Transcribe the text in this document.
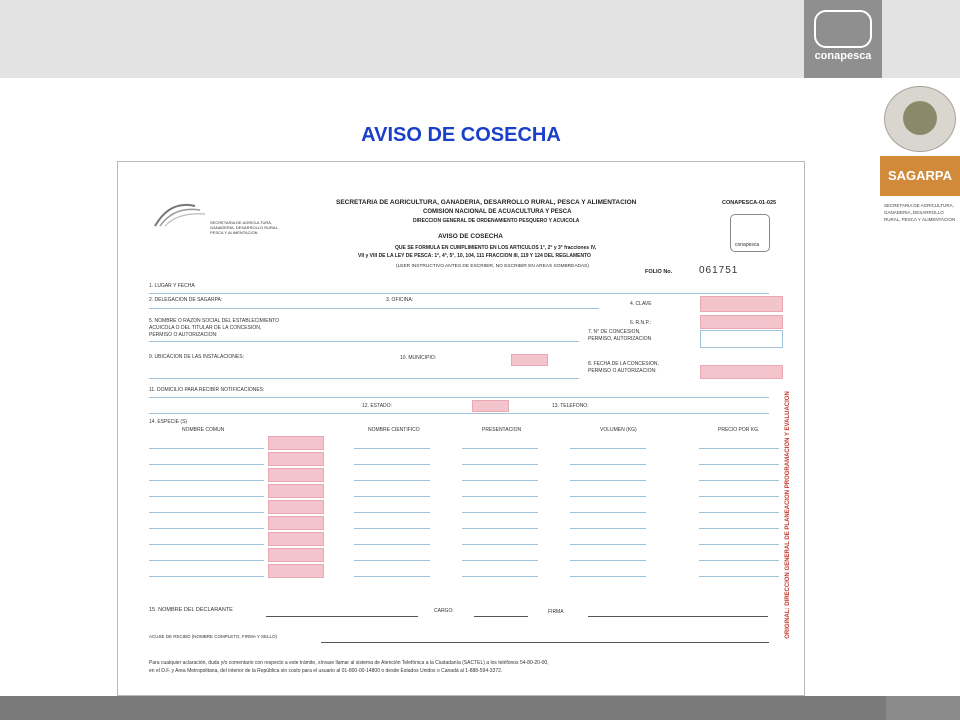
conapesca
AVISO DE COSECHA
SAGARPA
SECRETARIA DE AGRICULTURA, GANADERIA, DESARROLLO RURAL, PESCA Y ALIMENTACION
SECRETARIA DE AGRICULTURA, GANADERIA, DESARROLLO RURAL, PESCA Y ALIMENTACION
SECRETARIA DE AGRICULTURA, GANADERIA, DESARROLLO RURAL, PESCA Y ALIMENTACION
COMISION NACIONAL DE ACUACULTURA Y PESCA
DIRECCION GENERAL DE ORDENAMIENTO PESQUERO Y ACUICOLA
CONAPESCA-01-025
conapesca
AVISO DE COSECHA
QUE SE FORMULA EN CUMPLIMIENTO EN LOS ARTICULOS 1°, 2° y 3° fracciones IV,
VII y VIII DE LA LEY DE PESCA: 1°, 4°, 5°, 10, 104, 111 FRACCION III, 119 Y 124 DEL REGLAMENTO
(LEER INSTRUCTIVO ANTES DE ESCRIBIR, NO ESCRIBIR EN AREAS SOMBREADAS)
FOLIO No.	061751
1. LUGAR Y FECHA
2. DELEGACION DE SAGARPA:	3. OFICINA:
4. CLAVE
5. NOMBRE O RAZON SOCIAL DEL ESTABLECIMIENTO
ACUICOLA O DEL TITULAR DE LA CONCESION,
PERMISO O AUTORIZACION:
6. R.N.P.:
7. N° DE CONCESION,
PERMISO, AUTORIZACION
9. UBICACION DE LAS INSTALACIONES:	10. MUNICIPIO:
8. FECHA DE LA CONCESION,
PERMISO O AUTORIZACION:
11. DOMICILIO PARA RECIBIR NOTIFICACIONES:
12. ESTADO:	13. TELEFONO:
14. ESPECIE (S)
NOMBRE COMUN	NOMBRE CIENTIFICO	PRESENTACION	VOLUMEN (KG)	PRECIO POR KG.
15. NOMBRE DEL DECLARANTE	CARGO:	FIRMA
ACUSE DE RECIBO (NOMBRE COMPLETO, FIRMA Y SELLO)
Para cualquier aclaración, duda y/o comentario con respecto a este trámite, sírvase llamar al sistema de Atención Telefónica a la Ciudadanía (SACTEL) a los teléfonos 54-80-20-00,
en el D.F. y Area Metropolitana, del interior de la República sin costo para el usuario al 01-800-00-14800 o desde Estados Unidos o Canadá al 1-888-594-3372.
ORIGINAL: DIRECCION GENERAL DE PLANEACION PROGRAMACION Y EVALUACION
